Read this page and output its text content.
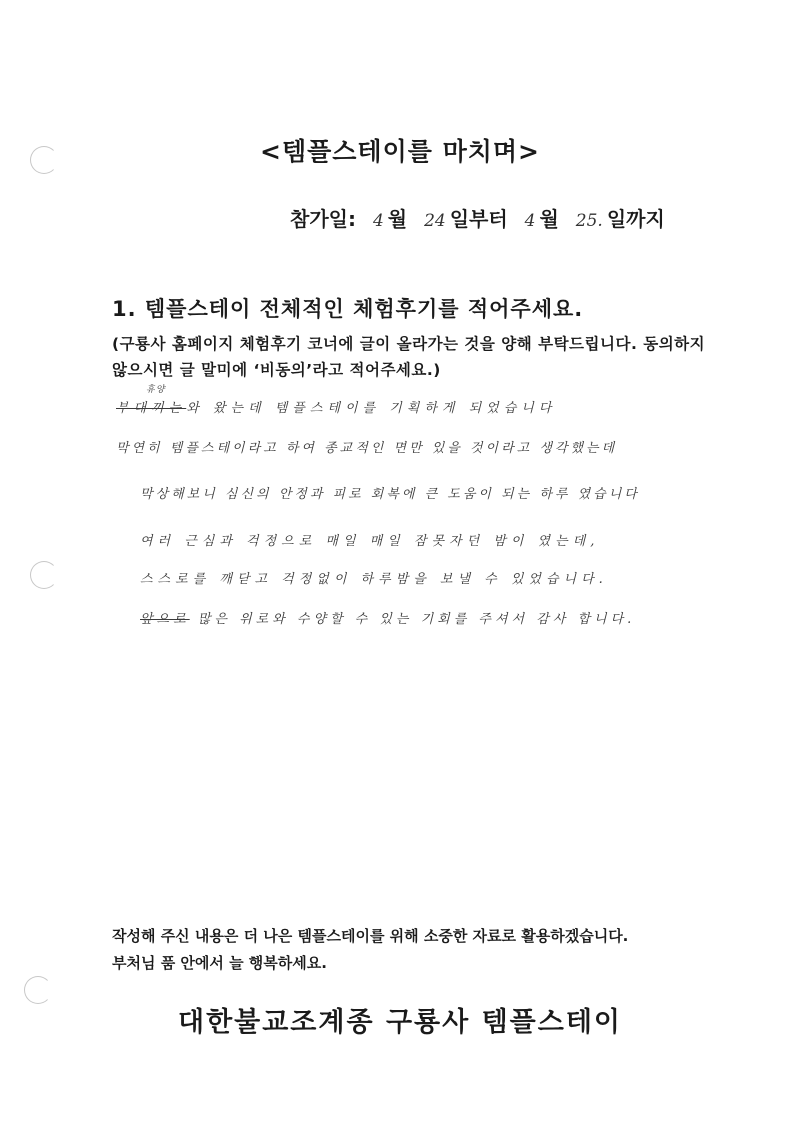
<템플스테이를 마치며>
참가일: 4 월 24 일부터 4 월 25. 일까지
1. 템플스테이 전체적인 체험후기를 적어주세요.
(구룡사 홈페이지 체험후기 코너에 글이 올라가는 것을 양해 부탁드립니다. 동의하지 않으시면 글 말미에 ‘비동의’라고 적어주세요.)
휴양
부대끼는와 왔는데 템플스테이를 기획하게 되었습니다
막연히 템플스테이라고 하여 종교적인 면만 있을 것이라고 생각했는데
막상해보니 심신의 안정과 피로 회복에 큰 도움이 되는 하루 였습니다
여러 근심과 걱정으로 매일 매일 잠못자던 밤이 였는데,
스스로를 깨닫고 걱정없이 하루밤을 보낼 수 있었습니다.
앞으로 많은 위로와 수양할 수 있는 기회를 주셔서 감사 합니다.
작성해 주신 내용은 더 나은 템플스테이를 위해 소중한 자료로 활용하겠습니다.
부처님 품 안에서 늘 행복하세요.
대한불교조계종 구룡사 템플스테이
